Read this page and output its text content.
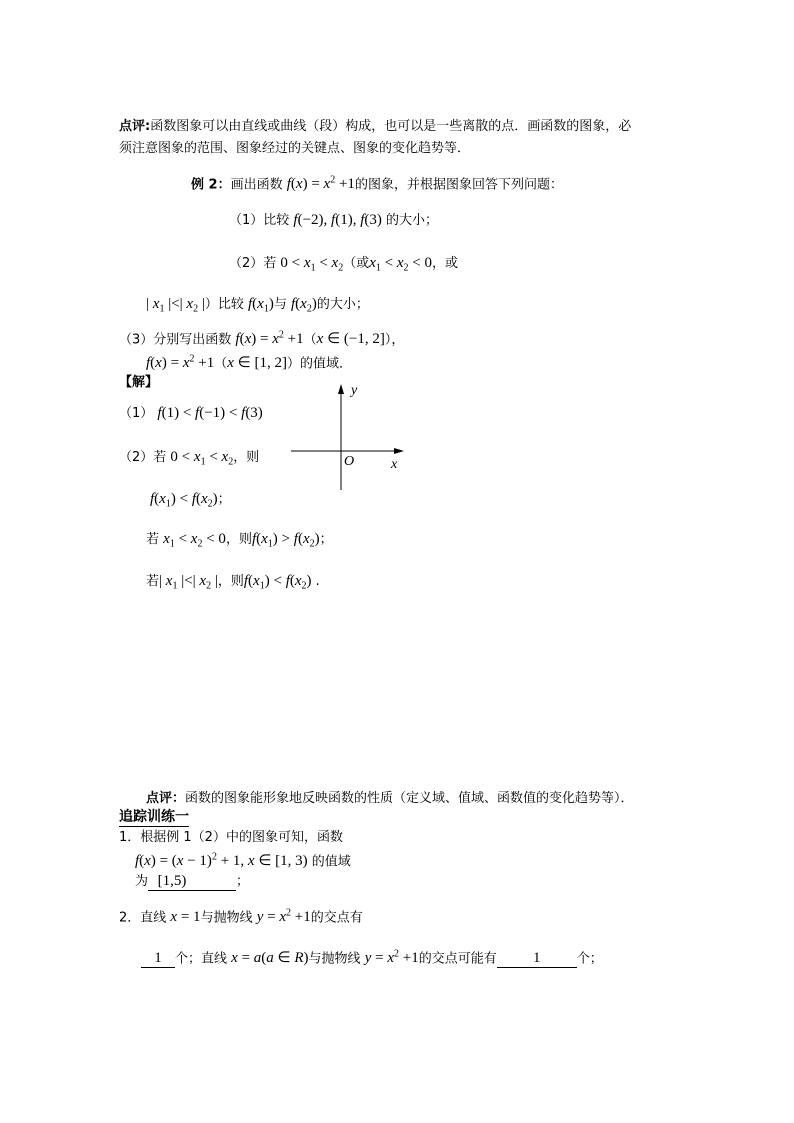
点评:函数图象可以由直线或曲线（段）构成，也可以是一些离散的点．画函数的图象，必
须注意图象的范围、图象经过的关键点、图象的变化趋势等．
例 2：画出函数 $f(x) = x^2 +1$的图象，并根据图象回答下列问题：
（1）比较 f(−2), f(1), f(3) 的大小；
（2）若 $0 < x_1 < x_2$（或$x_1 < x_2 < 0$，或
| $x_1$ |<| $x_2$ |）比较 $f(x_1)$与 $f(x_2)$的大小；
（3）分别写出函数 $f(x) = x^2 +1(x$ ∈ (−1, 2]），
$f(x) = x^2 +1(x$ ∈ [1, 2]）的值域．
【解】
（1） f(1) < f(−1) < f(3)
（2）若 $0 < x_1 < x_2$，则
$f(x_1) < f(x_2)$；
若 $x_1 < x_2 < 0$，则$f(x_1) > f(x_2)$；
若| $x_1$ |<| $x_2$ |，则$f(x_1) < f(x_2)$ .
y
x
O
点评：函数的图象能形象地反映函数的性质（定义域、值域、函数值的变化趋势等）．
追踪训练一
1．根据例 1（2）中的图象可知，函数
$f(x) = (x - 1)^2 + 1$, x ∈ [1, 3) 的值域
为 [1,5)	；
2．直线 x = 1与抛物线 $y = x^2 +1$的交点有
1 个；直线 x = a(a ∈ R)与抛物线 $y = x^2 +1$的交点可能有 1	个；
